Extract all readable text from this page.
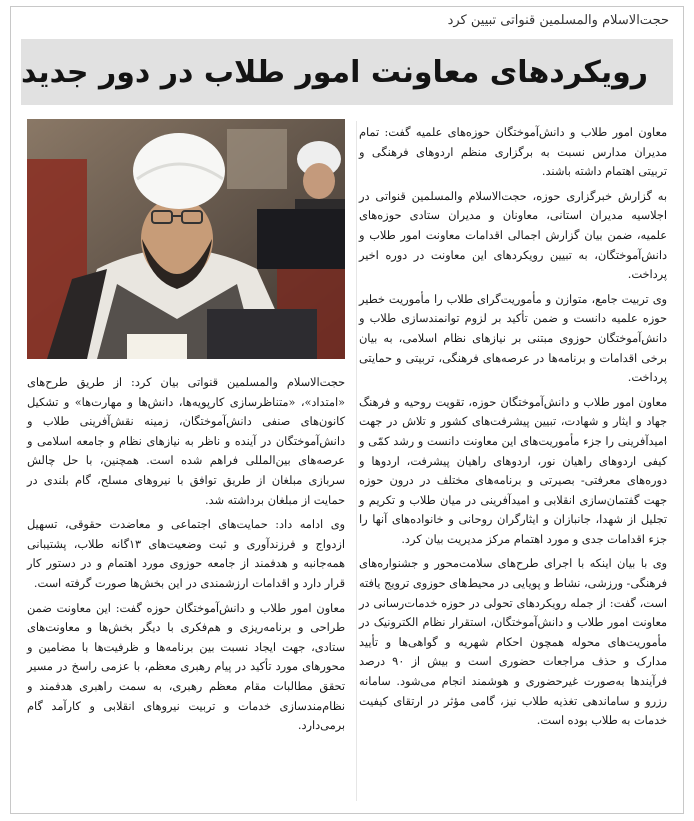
حجت‌الاسلام والمسلمین قنواتی تبیین کرد
رویکردهای معاونت امور طلاب در دور جدید

معاون امور طلاب و دانش‌آموختگان حوزه‌های علمیه گفت: تمام مدیران مدارس نسبت به برگزاری منظم اردوهای فرهنگی و تربیتی اهتمام داشته باشند.

به گزارش خبرگزاری حوزه، حجت‌الاسلام والمسلمین قنواتی در اجلاسیه مدیران استانی، معاونان و مدیران ستادی حوزه‌های علمیه، ضمن بیان گزارش اجمالی اقدامات معاونت امور طلاب و دانش‌آموختگان، به تبیین رویکردهای این معاونت در دوره اخیر پرداخت.

وی تربیت جامع، متوازن و مأموریت‌گرای طلاب را مأموریت خطیر حوزه علمیه دانست و ضمن تأکید بر لزوم توانمندسازی طلاب و دانش‌آموختگان حوزوی مبتنی بر نیازهای نظام اسلامی، به بیان برخی اقدامات و برنامه‌ها در عرصه‌های فرهنگی، تربیتی و حمایتی پرداخت.

معاون امور طلاب و دانش‌آموختگان حوزه، تقویت روحیه و فرهنگ جهاد و ایثار و شهادت، تبیین پیشرفت‌های کشور و تلاش در جهت امیدآفرینی را جزء مأموریت‌های این معاونت دانست و رشد کمّی و کیفی اردوهای راهیان نور، اردوهای راهیان پیشرفت، اردوها و دوره‌های معرفتی- بصیرتی و برنامه‌های مختلف در درون حوزه جهت گفتمان‌سازی انقلابی و امیدآفرینی در میان طلاب و تکریم و تجلیل از شهدا، جانبازان و ایثارگران روحانی و خانواده‌های آنها را جزء اقدامات جدی و مورد اهتمام مرکز مدیریت بیان کرد.

وی با بیان اینکه با اجرای طرح‌های سلامت‌محور و جشنواره‌های فرهنگی- ورزشی، نشاط و پویایی در محیط‌های حوزوی ترویج یافته است، گفت: از جمله رویکردهای تحولی در حوزه خدمات‌رسانی در معاونت امور طلاب و دانش‌آموختگان، استقرار نظام الکترونیک در مأموریت‌های محوله همچون احکام شهریه و گواهی‌ها و تأیید مدارک و حذف مراجعات حضوری است و بیش از ۹۰ درصد فرآیندها به‌صورت غیرحضوری و هوشمند انجام می‌شود. سامانه رزرو و ساماندهی تغذیه طلاب نیز، گامی مؤثر در ارتقای کیفیت خدمات به طلاب بوده است.

حجت‌الاسلام والمسلمین قنواتی بیان کرد: از طریق طرح‌های «امتداد»، «متناظرسازی کارپویه‌ها، دانش‌ها و مهارت‌ها» و تشکیل کانون‌های صنفی دانش‌آموختگان، زمینه نقش‌آفرینی طلاب و دانش‌آموختگان در آینده و ناظر به نیازهای نظام و جامعه اسلامی و عرصه‌های بین‌المللی فراهم شده است. همچنین، با حل چالش سربازی مبلغان از طریق توافق با نیروهای مسلح، گام بلندی در حمایت از مبلغان برداشته شد.

وی ادامه داد: حمایت‌های اجتماعی و معاضدت حقوقی، تسهیل ازدواج و فرزندآوری و ثبت وضعیت‌های ۱۳گانه طلاب، پشتیبانی همه‌جانبه و هدفمند از جامعه حوزوی مورد اهتمام و در دستور کار قرار دارد و اقدامات ارزشمندی در این بخش‌ها صورت گرفته است.

معاون امور طلاب و دانش‌آموختگان حوزه گفت: این معاونت ضمن طراحی و برنامه‌ریزی و هم‌فکری با دیگر بخش‌ها و معاونت‌های ستادی، جهت ایجاد نسبت بین برنامه‌ها و ظرفیت‌ها با مضامین و محورهای مورد تأکید در پیام رهبری معظم، با عزمی راسخ در مسیر تحقق مطالبات مقام معظم رهبری، به سمت راهبری هدفمند و نظام‌مندسازی خدمات و تربیت نیروهای انقلابی و کارآمد گام برمی‌دارد.
